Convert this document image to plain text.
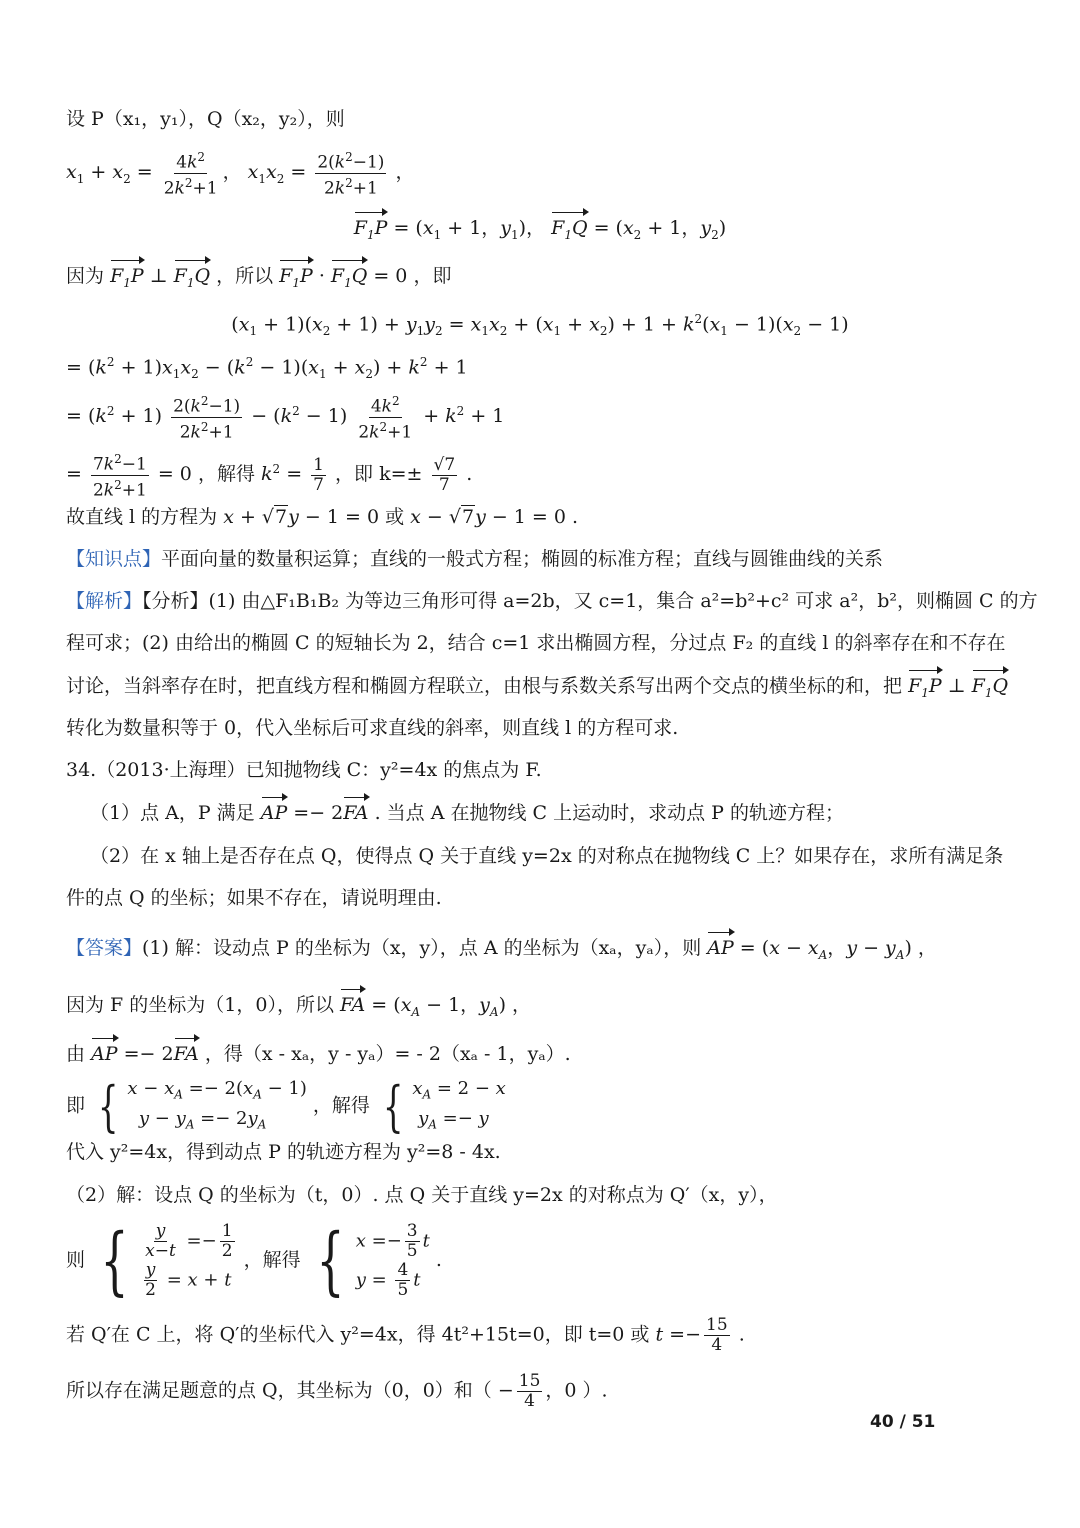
设 P（x₁，y₁），Q（x₂，y₂），则
$x_1 + x_2 = \frac{4k^2}{2k^2+1}$ ， $x_1x_2 = \frac{2(k^2-1)}{2k^2+1}$ ，
$F_1P = (x_1 + 1$，$y_1$)， $F_1Q = (x_2 + 1$，$y_2$)
因为 $F_1P$ ⊥ $F_1Q$ ，所以 $F_1P \cdot F_1Q = 0$ ，即
$(x_1 + 1)(x_2 + 1) + y_1y_2 = x_1x_2 + (x_1 + x_2) + 1 + k^2(x_1 - 1)(x_2 - 1)$
= $(k^2 + 1)x_1x_2 - (k^2 - 1)(x_1 + x_2) + k^2 + 1$
= $(k^2 + 1) \frac{2(k^2-1)}{2k^2+1} - (k^2 - 1) \frac{4k^2}{2k^2+1} + k^2 + 1$
= $\frac{7k^2-1}{2k^2+1} = 0$ ，解得 $k^2 = \frac{1}{7}$ ，即 $k=\pm \frac{√7}{7}$ .
故直线 l 的方程为 x + √7y − 1 = 0 或 x − √7y − 1 = 0 .
【知识点】平面向量的数量积运算；直线的一般式方程；椭圆的标准方程；直线与圆锥曲线的关系
【解析】【分析】(1) 由△F₁B₁B₂ 为等边三角形可得 a=2b，又 c=1，集合 a²=b²+c² 可求 a²，b²，则椭圆 C 的方
程可求；(2) 由给出的椭圆 C 的短轴长为 2，结合 c=1 求出椭圆方程，分过点 F₂ 的直线 l 的斜率存在和不存在
讨论，当斜率存在时，把直线方程和椭圆方程联立，由根与系数关系写出两个交点的横坐标的和，把 $F_1P$ ⊥ $F_1Q$
转化为数量积等于 0，代入坐标后可求直线的斜率，则直线 l 的方程可求.
34.（2013·上海理）已知抛物线 C：y²=4x 的焦点为 F.
（1）点 A，P 满足 AP =− 2FA . 当点 A 在抛物线 C 上运动时，求动点 P 的轨迹方程；
（2）在 x 轴上是否存在点 Q，使得点 Q 关于直线 y=2x 的对称点在抛物线 C 上？如果存在，求所有满足条
件的点 Q 的坐标；如果不存在，请说明理由.
【答案】(1) 解：设动点 P 的坐标为（x，y），点 A 的坐标为（xₐ，yₐ），则 AP = ($x - x_A$，$y - y_A$) ，
因为 F 的坐标为（1，0），所以 FA = ($x_A - 1$，$y_A$) ，
由 AP =− 2FA ，得（x - xₐ，y - yₐ）= - 2（xₐ - 1，yₐ）.
即 { $x - x_A =- 2(x_A - 1)$
$y - y_A =- 2y_A$
，解得 { $x_A = 2 - x$
$y_A =- y$
代入 y²=4x，得到动点 P 的轨迹方程为 y²=8 - 4x.
（2）解：设点 Q 的坐标为（t，0）. 点 Q 关于直线 y=2x 的对称点为 Q′（x，y），
则 { $\frac{y}{x-t} =- \frac{1}{2}$
$\frac{y}{2} = x + t$
，解得 { $x =- \frac{3}{5}$ t
$y = \frac{4}{5}$ t
.
若 Q′在 C 上，将 Q′的坐标代入 y²=4x，得 4t²+15t=0，即 t=0 或 $t =- \frac{15}{4}$ .
所以存在满足题意的点 Q，其坐标为（0，0）和（ − $\frac{15}{4}$ ，0 ）.
40 / 51
